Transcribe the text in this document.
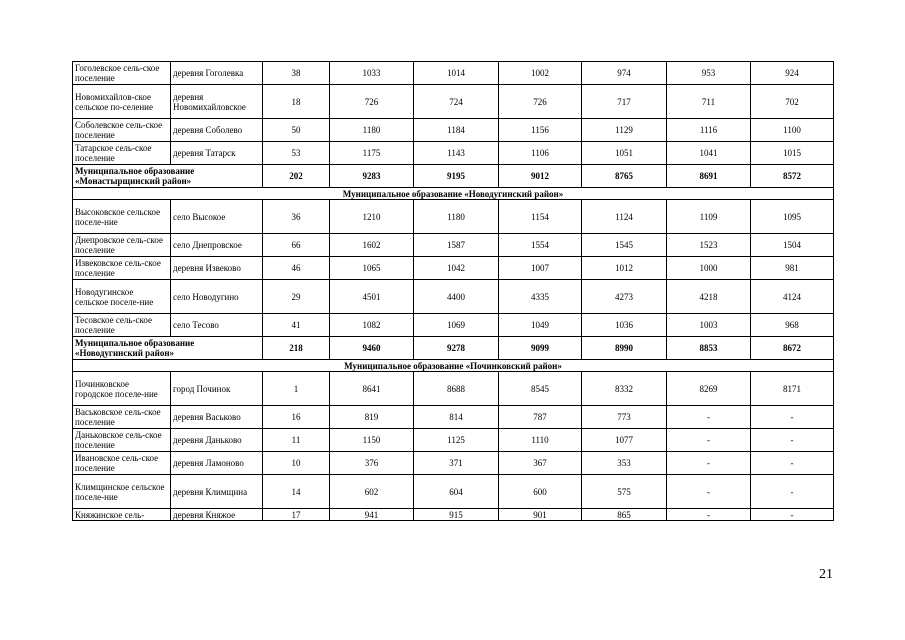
Гоголевское сель-ское поселение	деревня Гоголевка	38	1033	1014	1002	974	953	924
Новомихайлов-ское сельское по-селение	деревня Новомихайловское	18	726	724	726	717	711	702
Соболевское сель-ское поселение	деревня Соболево	50	1180	1184	1156	1129	1116	1100
Татарское сель-ское поселение	деревня Татарск	53	1175	1143	1106	1051	1041	1015
Муниципальное образование «Монастырщинский район»		202	9283	9195	9012	8765	8691	8572
Муниципальное образование «Новодугинский район»								
Высоковское сельское поселе-ние	село Высокое	36	1210	1180	1154	1124	1109	1095
Днепровское сель-ское поселение	село Днепровское	66	1602	1587	1554	1545	1523	1504
Извековское сель-ское поселение	деревня Извеково	46	1065	1042	1007	1012	1000	981
Новодугинское сельское поселе-ние	село Новодугино	29	4501	4400	4335	4273	4218	4124
Тесовское сель-ское поселение	село Тесово	41	1082	1069	1049	1036	1003	968
Муниципальное образование «Новодугинский район»		218	9460	9278	9099	8990	8853	8672
Муниципальное образование «Починковский район»								
Починковское городское поселе-ние	город Починок	1	8641	8688	8545	8332	8269	8171
Васьковское сель-ское поселение	деревня Васьково	16	819	814	787	773	-	-
Даньковское сель-ское поселение	деревня Даньково	11	1150	1125	1110	1077	-	-
Ивановское сель-ское поселение	деревня Ламоново	10	376	371	367	353	-	-
Климщинское сельское поселе-ние	деревня Климщина	14	602	604	600	575	-	-
Княжинское сель-	деревня Княжое	17	941	915	901	865	-	-
21
